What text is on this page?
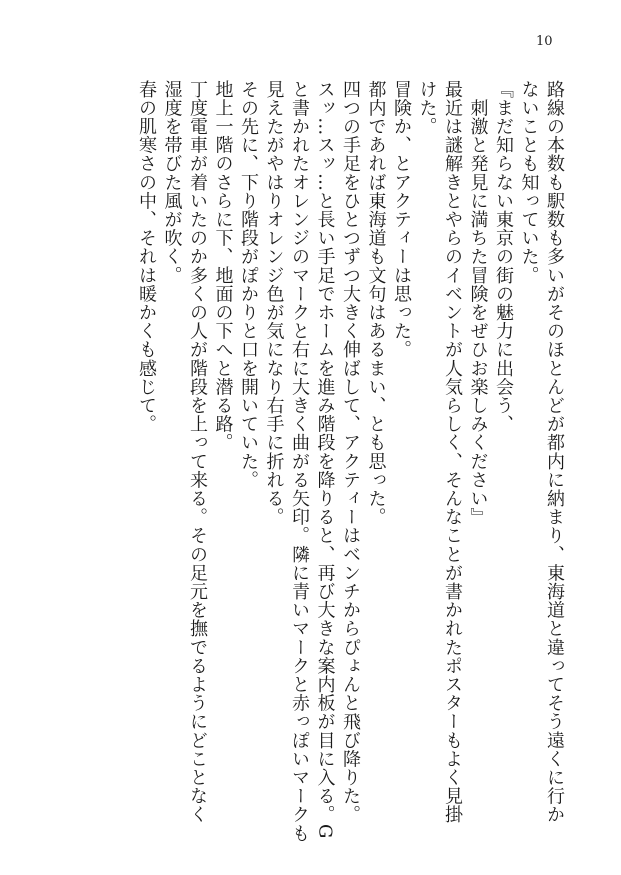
10

路線の本数も駅数も多いがそのほとんどが都内に納まり、東海道と違ってそう遠くに行か

ないことも知っていた。

『まだ知らない東京の街の魅力に出会う、

　刺激と発見に満ちた冒険をぜひお楽しみください』

最近は謎解きとやらのイベントが人気らしく、そんなことが書かれたポスターもよく見掛

けた。

冒険か、とアクティーは思った。

都内であれば東海道も文句はあるまい、とも思った。

四つの手足をひとつずつ大きく伸ばして、アクティーはベンチからぴょんと飛び降りた。

スッ…スッ…と長い手足でホームを進み階段を降りると、再び大きな案内板が目に入る。G

と書かれたオレンジのマークと右に大きく曲がる矢印。隣に青いマークと赤っぽいマークも

見えたがやはりオレンジ色が気になり右手に折れる。

その先に、下り階段がぽかりと口を開いていた。

地上一階のさらに下、地面の下へと潜る路。

丁度電車が着いたのか多くの人が階段を上って来る。その足元を撫でるようにどことなく

湿度を帯びた風が吹く。

春の肌寒さの中、それは暖かくも感じて。
